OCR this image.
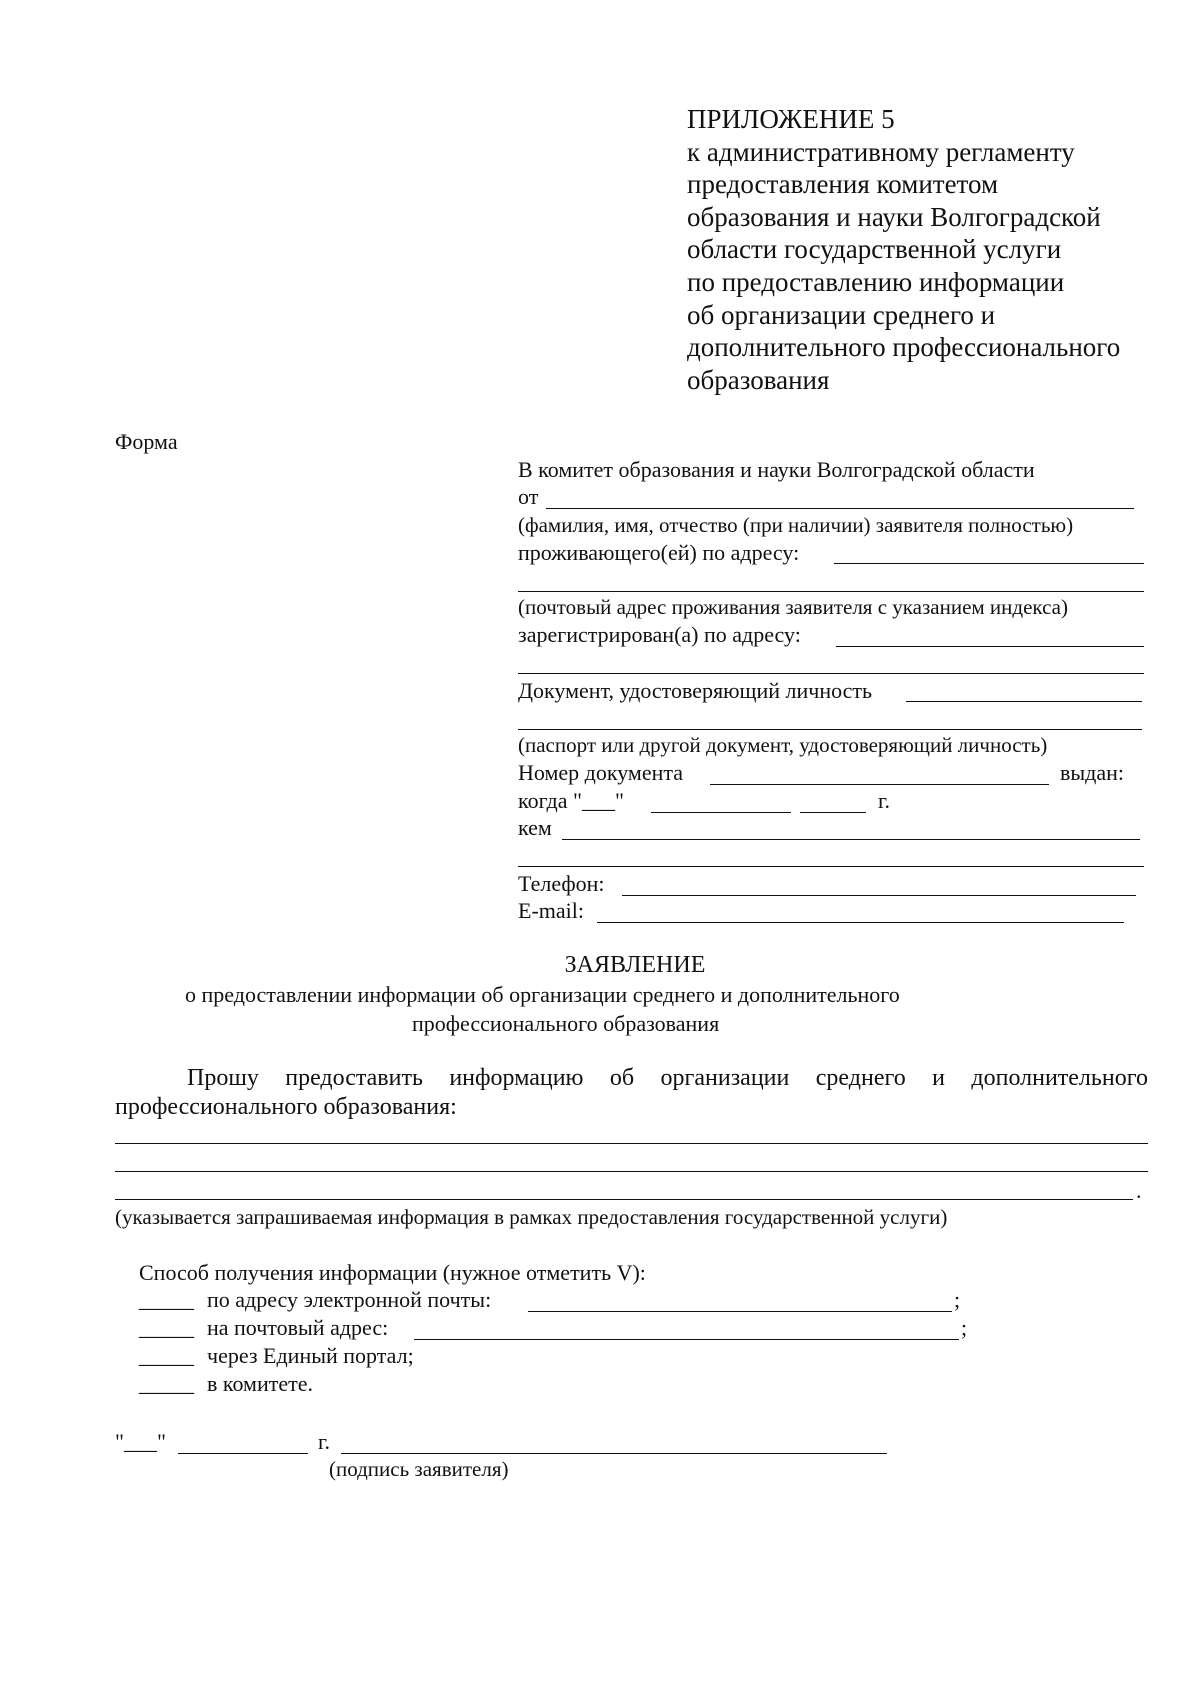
ПРИЛОЖЕНИЕ 5
к административному регламенту
предоставления комитетом
образования и науки Волгоградской
области государственной услуги
по предоставлению информации
об организации среднего и
дополнительного профессионального
образования
Форма
В комитет образования и науки Волгоградской области
от
(фамилия, имя, отчество (при наличии) заявителя полностью)
проживающего(ей) по адресу:
(почтовый адрес проживания заявителя с указанием индекса)
зарегистрирован(а) по адресу:
Документ, удостоверяющий личность
(паспорт или другой документ, удостоверяющий личность)
Номер документа	выдан:
когда "___"	г.
кем
Телефон:
E-mail:
ЗАЯВЛЕНИЕ
о предоставлении информации об организации среднего и дополнительного
профессионального образования
Прошу предоставить информацию об организации среднего и дополнительного
профессионального образования:
.
(указывается запрашиваемая информация в рамках предоставления государственной услуги)
Способ получения информации (нужное отметить V):
_____ по адресу электронной почты:	;
_____ на почтовый адрес:	;
_____ через Единый портал;
_____ в комитете.
"___"	г.
(подпись заявителя)
